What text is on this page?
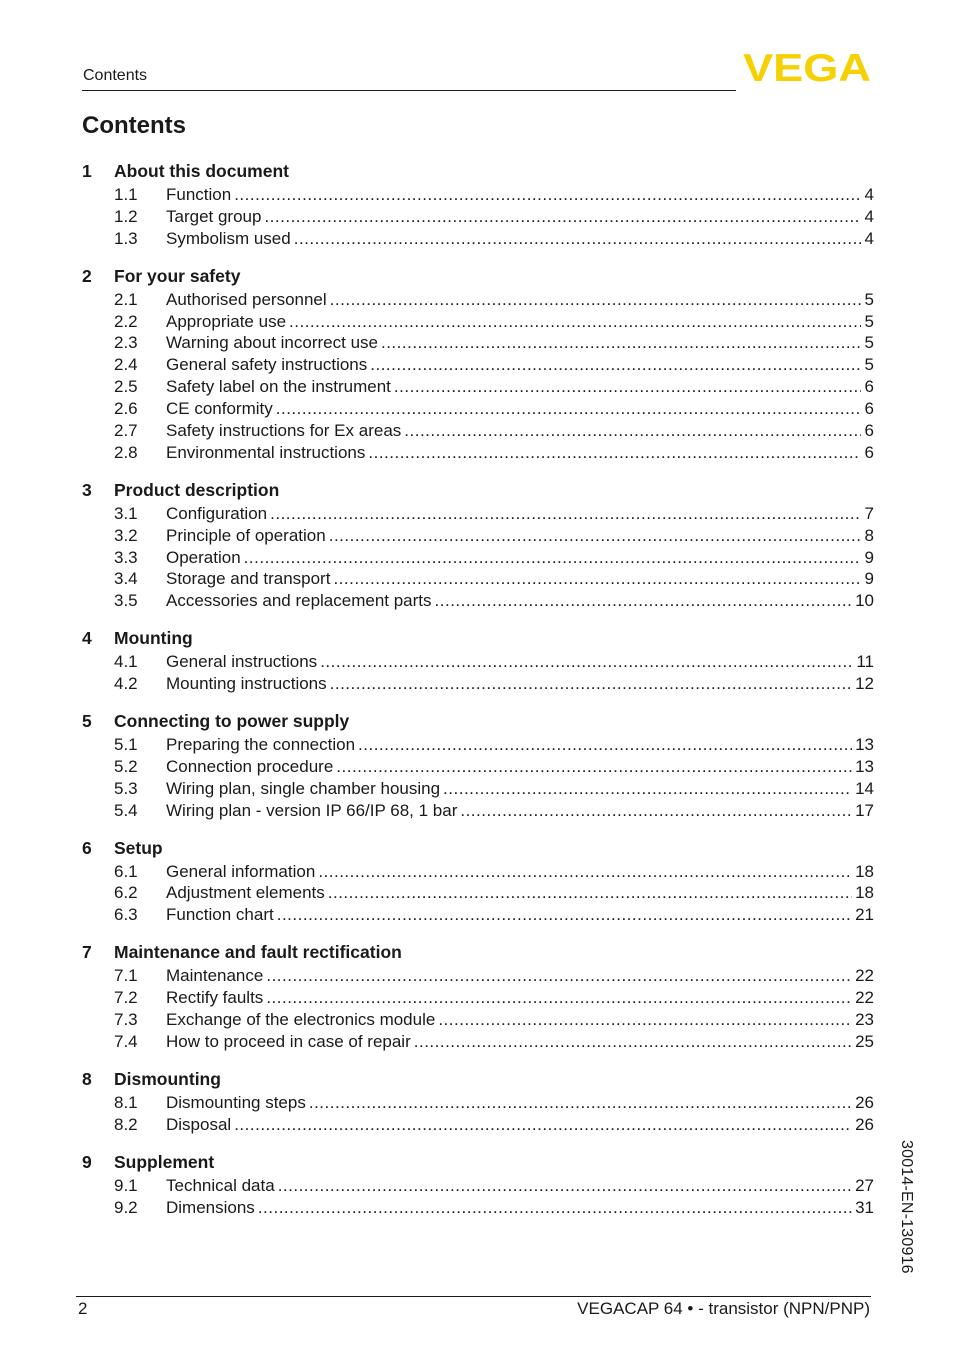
Contents	VEGA
Contents
1	About this document
1.1	Function .....	4
1.2	Target group .....	4
1.3	Symbolism used .....	4
2	For your safety
2.1	Authorised personnel .....	5
2.2	Appropriate use .....	5
2.3	Warning about incorrect use .....	5
2.4	General safety instructions .....	5
2.5	Safety label on the instrument .....	6
2.6	CE conformity .....	6
2.7	Safety instructions for Ex areas .....	6
2.8	Environmental instructions .....	6
3	Product description
3.1	Configuration .....	7
3.2	Principle of operation .....	8
3.3	Operation .....	9
3.4	Storage and transport .....	9
3.5	Accessories and replacement parts .....	10
4	Mounting
4.1	General instructions .....	11
4.2	Mounting instructions .....	12
5	Connecting to power supply
5.1	Preparing the connection .....	13
5.2	Connection procedure .....	13
5.3	Wiring plan, single chamber housing .....	14
5.4	Wiring plan - version IP 66/IP 68, 1 bar .....	17
6	Setup
6.1	General information .....	18
6.2	Adjustment elements .....	18
6.3	Function chart .....	21
7	Maintenance and fault rectification
7.1	Maintenance .....	22
7.2	Rectify faults .....	22
7.3	Exchange of the electronics module .....	23
7.4	How to proceed in case of repair .....	25
8	Dismounting
8.1	Dismounting steps .....	26
8.2	Disposal .....	26
9	Supplement
9.1	Technical data .....	27
9.2	Dimensions .....	31 30014-EN-130916
2	VEGACAP 64 • - transistor (NPN/PNP)
